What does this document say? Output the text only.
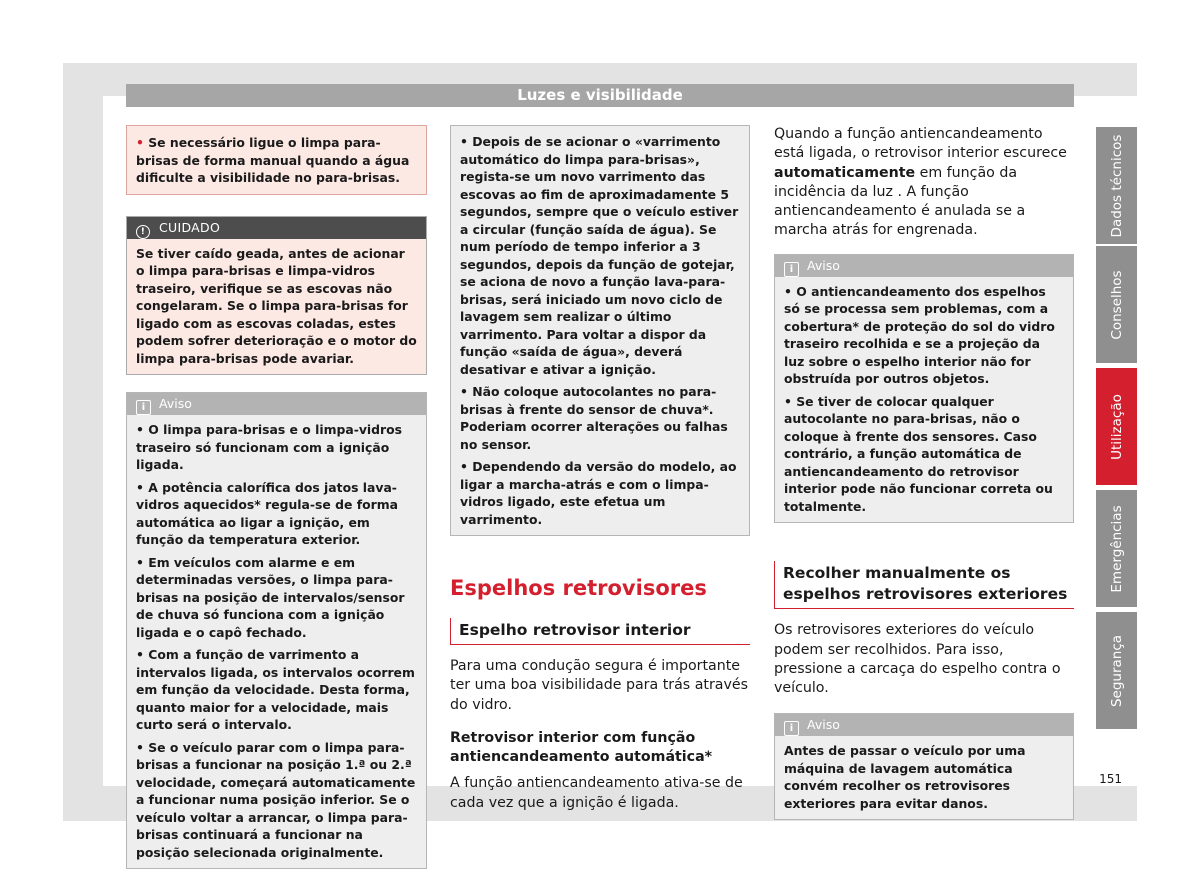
Luzes e visibilidade

• Se necessário ligue o limpa para-brisas de forma manual quando a água dificulte a visibilidade no para-brisas.

! CUIDADO

Se tiver caído geada, antes de acionar o limpa para-brisas e limpa-vidros traseiro, verifique se as escovas não congelaram. Se o limpa para-brisas for ligado com as escovas coladas, estes podem sofrer deterioração e o motor do limpa para-brisas pode avariar.

i Aviso

• O limpa para-brisas e o limpa-vidros traseiro só funcionam com a ignição ligada.

• A potência calorífica dos jatos lava-vidros aquecidos* regula-se de forma automática ao ligar a ignição, em função da temperatura exterior.

• Em veículos com alarme e em determinadas versões, o limpa para-brisas na posição de intervalos/sensor de chuva só funciona com a ignição ligada e o capô fechado.

• Com a função de varrimento a intervalos ligada, os intervalos ocorrem em função da velocidade. Desta forma, quanto maior for a velocidade, mais curto será o intervalo.

• Se o veículo parar com o limpa para-brisas a funcionar na posição 1.ª ou 2.ª velocidade, começará automaticamente a funcionar numa posição inferior. Se o veículo voltar a arrancar, o limpa para-brisas continuará a funcionar na posição selecionada originalmente.

• Depois de se acionar o «varrimento automático do limpa para-brisas», regista-se um novo varrimento das escovas ao fim de aproximadamente 5 segundos, sempre que o veículo estiver a circular (função saída de água). Se num período de tempo inferior a 3 segundos, depois da função de gotejar, se aciona de novo a função lava-para-brisas, será iniciado um novo ciclo de lavagem sem realizar o último varrimento. Para voltar a dispor da função «saída de água», deverá desativar e ativar a ignição.

• Não coloque autocolantes no para-brisas à frente do sensor de chuva*. Poderiam ocorrer alterações ou falhas no sensor.

• Dependendo da versão do modelo, ao ligar a marcha-atrás e com o limpa-vidros ligado, este efetua um varrimento.

Espelhos retrovisores
Espelho retrovisor interior

Para uma condução segura é importante ter uma boa visibilidade para trás através do vidro.

Retrovisor interior com função antiencandeamento automática*

A função antiencandeamento ativa-se de cada vez que a ignição é ligada.

Quando a função antiencandeamento está ligada, o retrovisor interior escurece automaticamente em função da incidência da luz . A função antiencandeamento é anulada se a marcha atrás for engrenada.

i Aviso

• O antiencandeamento dos espelhos só se processa sem problemas, com a cobertura* de proteção do sol do vidro traseiro recolhida e se a projeção da luz sobre o espelho interior não for obstruída por outros objetos.

• Se tiver de colocar qualquer autocolante no para-brisas, não o coloque à frente dos sensores. Caso contrário, a função automática de antiencandeamento do retrovisor interior pode não funcionar correta ou totalmente.

Recolher manualmente os espelhos retrovisores exteriores

Os retrovisores exteriores do veículo podem ser recolhidos. Para isso, pressione a carcaça do espelho contra o veículo.

i Aviso

Antes de passar o veículo por uma máquina de lavagem automática convém recolher os retrovisores exteriores para evitar danos.

Dados técnicos
Conselhos
Utilização
Emergências
Segurança
151
